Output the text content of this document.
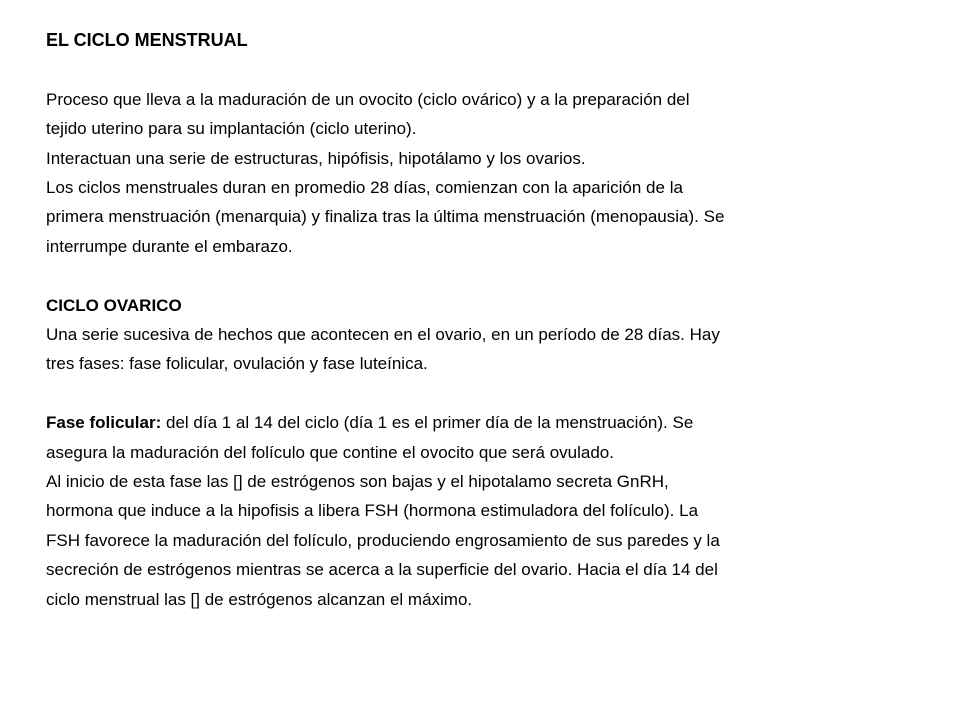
EL CICLO MENSTRUAL
Proceso que lleva a la maduración de un ovocito (ciclo ovárico) y a la preparación del
tejido uterino para su implantación (ciclo uterino).
Interactuan una serie de estructuras, hipófisis, hipotálamo y los ovarios.
Los ciclos menstruales duran en promedio 28 días, comienzan con la aparición de la
primera menstruación (menarquia) y finaliza tras la última menstruación (menopausia). Se
interrumpe durante el embarazo.
CICLO OVARICO
Una serie sucesiva de hechos que acontecen en el ovario, en un período de 28 días. Hay
tres fases: fase folicular, ovulación y fase luteínica.
Fase folicular: del día 1 al 14 del ciclo (día 1 es el primer día de la menstruación). Se
asegura la maduración del folículo que contine el ovocito que será ovulado.
Al inicio de esta fase las [] de estrógenos son bajas y el hipotalamo secreta GnRH,
hormona que induce a la hipofisis a libera FSH (hormona estimuladora del folículo). La
FSH favorece la maduración del folículo, produciendo engrosamiento de sus paredes y la
secreción de estrógenos mientras se acerca a la superficie del ovario. Hacia el día 14 del
ciclo menstrual las [] de estrógenos alcanzan el máximo.
